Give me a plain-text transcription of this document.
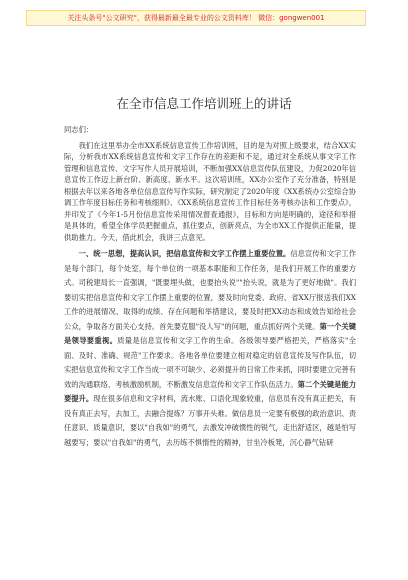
关注头条号"公文研究"，获得最新最全最专业的公文资料库！ 微信：gongwen001
在全市信息工作培训班上的讲话

同志们：

我们在这里举办全市XX系统信息宣传工作培训班，目的是为对照上级要求，结合XX实际，分析我市XX系统信息宣传和文字工作存在的差距和不足，通过对全系统从事文字工作管理和信息宣传、文字写作人员开展培训，不断加强XX信息宣传队伍建设，力促2020年信息宣传工作迈上新台阶、新高度、新水平。这次培训班，XX办公室作了充分准备，特别是根据去年以来各地各单位信息宣传写作实际，研究制定了2020年度《XX系统办公室综合协调工作年度目标任务和考核细则》、《XX系统信息宣传工作目标任务考核办法和工作要点》，并印发了《今年1-5月份信息宣传采用情况督查通报》，目标和方向是明确的，途径和举措是具体的，希望全体学员把握重点，抓住要点，创新亮点，为全市XX工作提供正能量，提供助推力。今天，借此机会，我讲三点意见。

一、统一思想，提高认识，把信息宣传和文字工作摆上重要位置。信息宣传和文字工作是每个部门，每个处室，每个单位的一项基本职能和工作任务，是我们开展工作的重要方式。司税建局长一直强调，"既要埋头做，也要抬头说""抬头说，就是为了更好地做"。我们要切实把信息宣传和文字工作摆上重要的位置，要及时向党委、政府、省XX厅报送我们XX工作的进展情况、取得的成绩、存在问题和举措建议，要及时把XX动态和成效告知给社会公众，争取各方面关心支持。首先要克服"没人写"的问题，重点抓好两个关键。第一个关键是领导要重视。质量是信息宣传和文字工作的生命。各级领导要严格把关，严格落实"全面、及时、准确、规范"工作要求。各地各单位要建立相对稳定的信息宣传及写作队伍，切实把信息宣传和文字工作当成一项不可缺少、必须提升的日常工作来抓，同时要建立完善有效的沟通联络、考核激励机制，不断激发信息宣传和文字工作队伍活力。第二个关键是能力要提升。现在很多信息和文字材料，流水账、口语化现象较重，信息员有没有真正把关，有没有真正去写，去加工，去融合提炼？万事开头难。做信息员一定要有极强的政治意识、责任意识、质量意识，要以"自我如"的勇气，去激发冲破惯性的锐气，走出舒适区，越是怕写越要写；要以"自我如"的勇气，去历练不惧惰性的精神，甘坐冷板凳，沉心静气钻研
